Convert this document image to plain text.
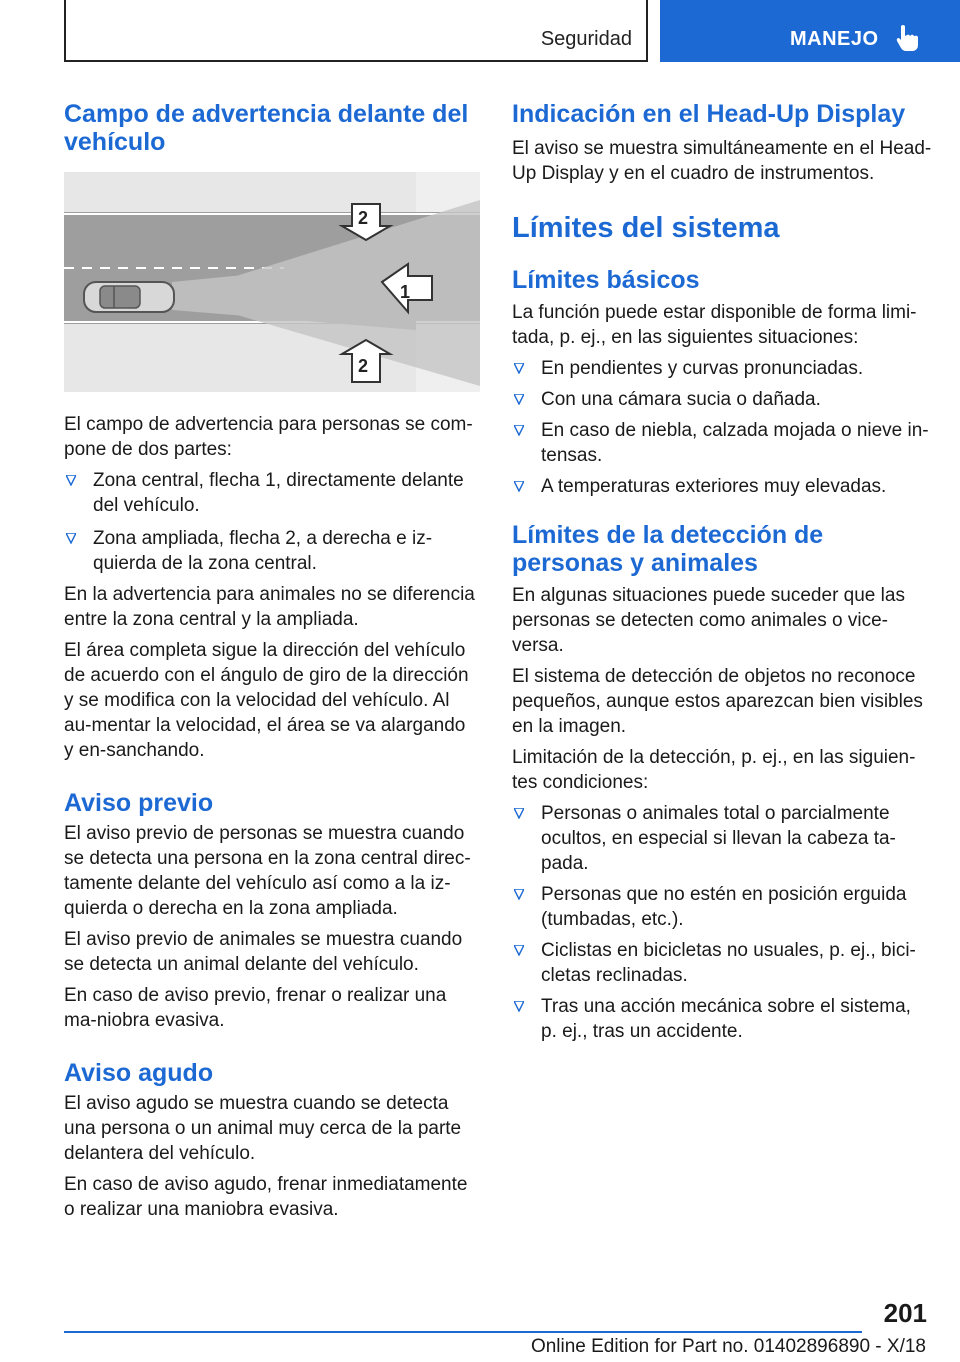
Seguridad	MANEJO
Campo de advertencia delante del vehículo
1
2
2

El campo de advertencia para personas se com-pone de dos partes:

Zona central, flecha 1, directamente delante del vehículo.
Zona ampliada, flecha 2, a derecha e iz-quierda de la zona central.

En la advertencia para animales no se diferencia entre la zona central y la ampliada.

El área completa sigue la dirección del vehículo de acuerdo con el ángulo de giro de la dirección y se modifica con la velocidad del vehículo. Al au-mentar la velocidad, el área se va alargando y en-sanchando.

Aviso previo

El aviso previo de personas se muestra cuando se detecta una persona en la zona central direc-tamente delante del vehículo así como a la iz-quierda o derecha en la zona ampliada.

El aviso previo de animales se muestra cuando se detecta un animal delante del vehículo.

En caso de aviso previo, frenar o realizar una ma-niobra evasiva.

Aviso agudo

El aviso agudo se muestra cuando se detecta una persona o un animal muy cerca de la parte delantera del vehículo.

En caso de aviso agudo, frenar inmediatamente o realizar una maniobra evasiva.

Indicación en el Head-Up Display

El aviso se muestra simultáneamente en el Head-Up Display y en el cuadro de instrumentos.

Límites del sistema
Límites básicos

La función puede estar disponible de forma limi-tada, p. ej., en las siguientes situaciones:

En pendientes y curvas pronunciadas.
Con una cámara sucia o dañada.
En caso de niebla, calzada mojada o nieve in-tensas.
A temperaturas exteriores muy elevadas.
Límites de la detección de personas y animales

En algunas situaciones puede suceder que las personas se detecten como animales o vice-versa.

El sistema de detección de objetos no reconoce pequeños, aunque estos aparezcan bien visibles en la imagen.

Limitación de la detección, p. ej., en las siguien-tes condiciones:

Personas o animales total o parcialmente ocultos, en especial si llevan la cabeza ta-pada.
Personas que no estén en posición erguida (tumbadas, etc.).
Ciclistas en bicicletas no usuales, p. ej., bici-cletas reclinadas.
Tras una acción mecánica sobre el sistema, p. ej., tras un accidente.
201
Online Edition for Part no. 01402896890 - X/18
